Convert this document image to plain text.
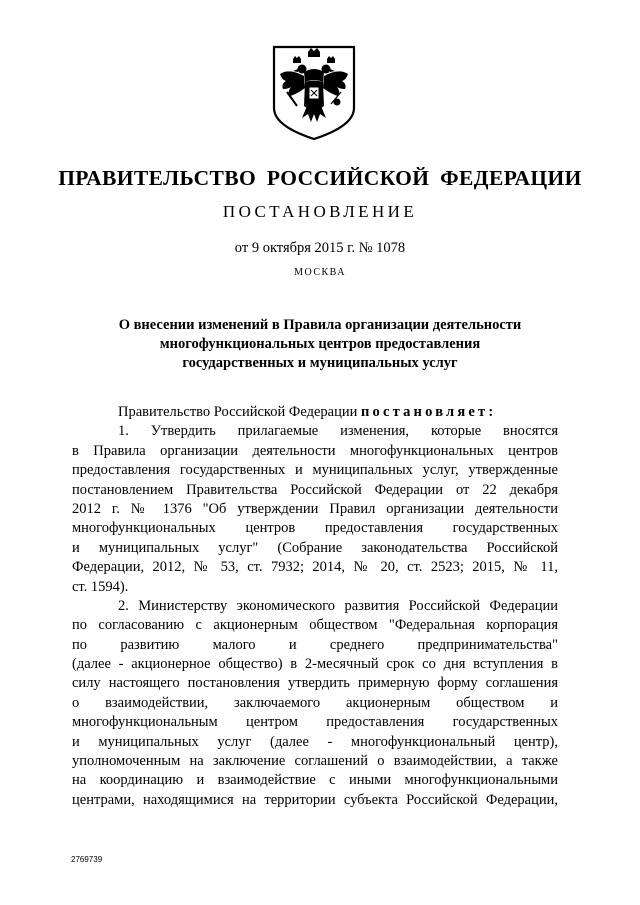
ПРАВИТЕЛЬСТВО РОССИЙСКОЙ ФЕДЕРАЦИИ
ПОСТАНОВЛЕНИЕ
от 9 октября 2015 г. № 1078
МОСКВА
О внесении изменений в Правила организации деятельности
многофункциональных центров предоставления
государственных и муниципальных услуг
Правительство Российской Федерации постановляет:
1. Утвердить прилагаемые изменения, которые вносятся
в Правила организации деятельности многофункциональных центров
предоставления государственных и муниципальных услуг, утвержденные
постановлением Правительства Российской Федерации от 22 декабря
2012 г. № 1376 "Об утверждении Правил организации деятельности
многофункциональных центров предоставления государственных
и муниципальных услуг" (Собрание законодательства Российской
Федерации, 2012, № 53, ст. 7932; 2014, № 20, ст. 2523; 2015, № 11,
ст. 1594).
2. Министерству экономического развития Российской Федерации
по согласованию с акционерным обществом "Федеральная корпорация
по развитию малого и среднего предпринимательства"
(далее - акционерное общество) в 2-месячный срок со дня вступления в
силу настоящего постановления утвердить примерную форму соглашения
о взаимодействии, заключаемого акционерным обществом и
многофункциональным центром предоставления государственных
и муниципальных услуг (далее - многофункциональный центр),
уполномоченным на заключение соглашений о взаимодействии, а также
на координацию и взаимодействие с иными многофункциональными
центрами, находящимися на территории субъекта Российской Федерации,
2769739
